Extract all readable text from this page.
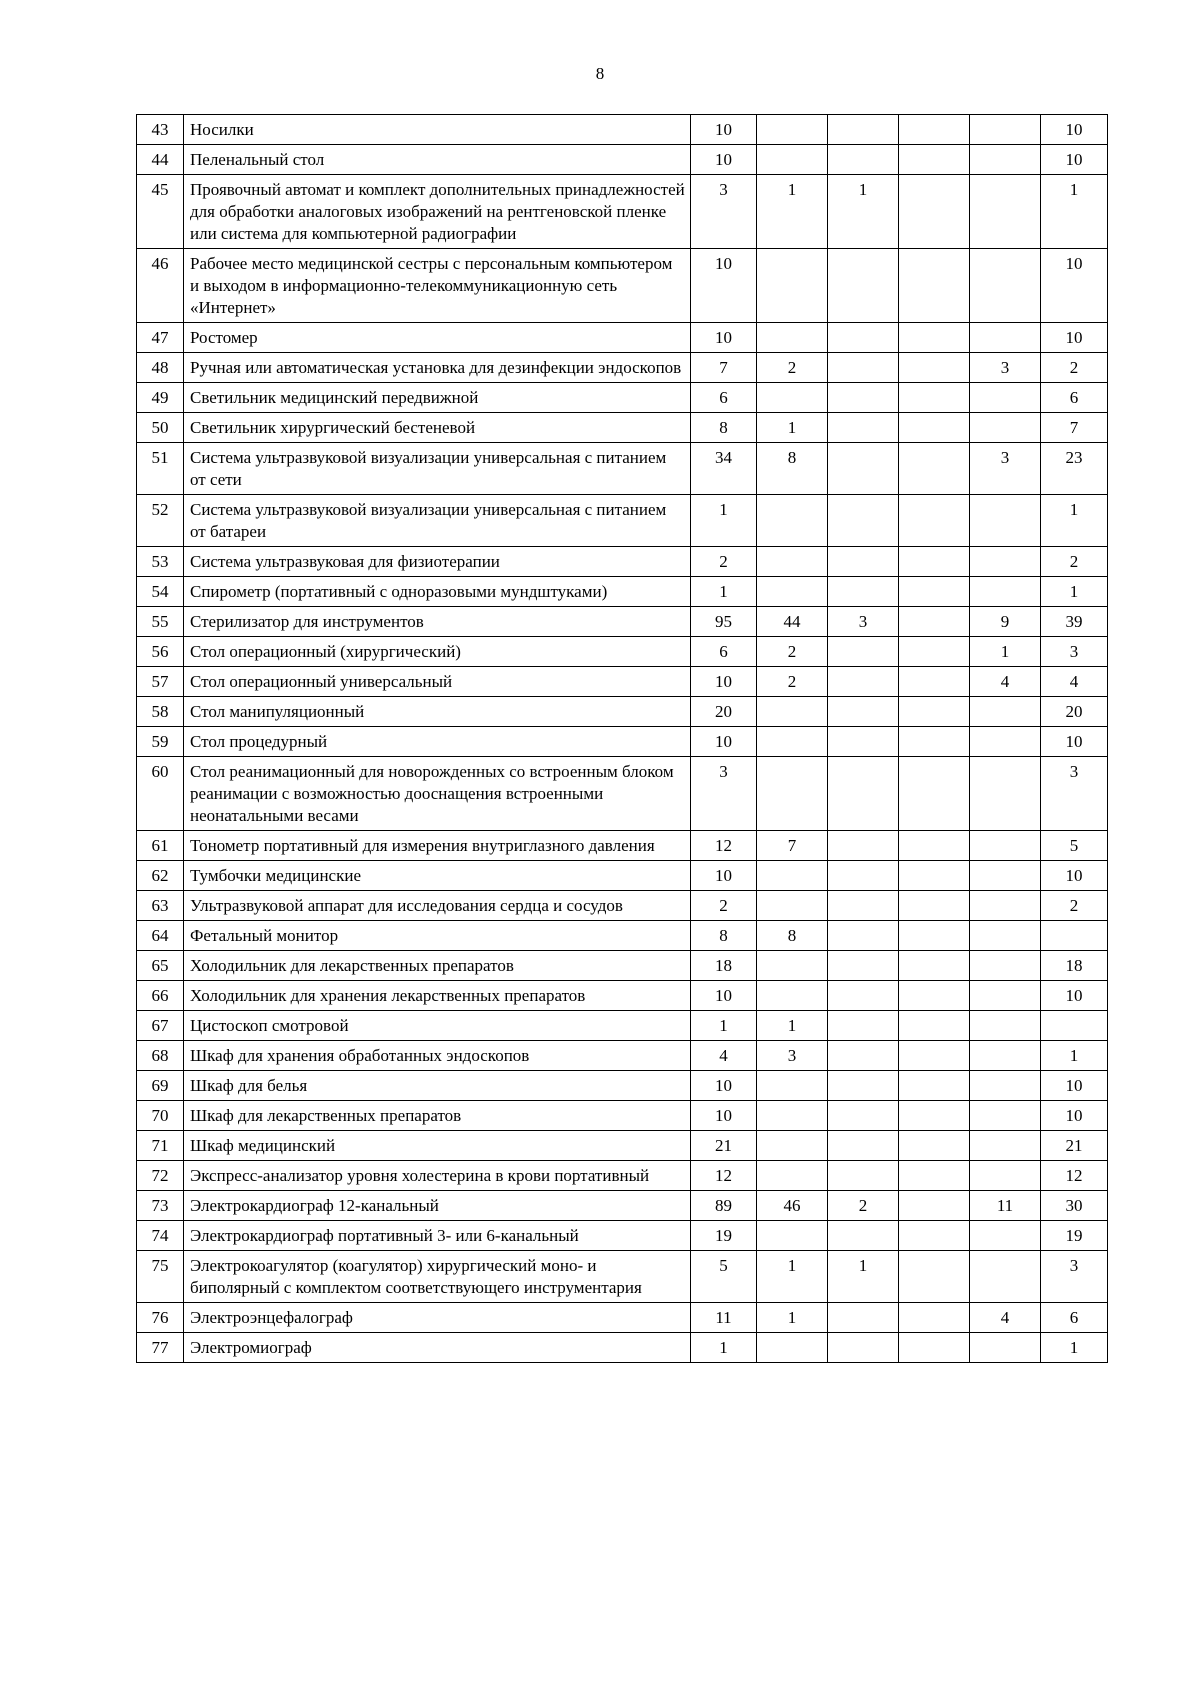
8
43	Носилки	10					10
44	Пеленальный стол	10					10
45	Проявочный автомат и комплект дополнительных принадлежностей для обработки аналоговых изображений на рентгеновской пленке или система для компьютерной радиографии	3	1	1			1
46	Рабочее место медицинской сестры с персональным компьютером и выходом в информационно-телекоммуникационную сеть «Интернет»	10					10
47	Ростомер	10					10
48	Ручная или автоматическая установка для дезинфекции эндоскопов	7	2			3	2
49	Светильник медицинский передвижной	6					6
50	Светильник хирургический бестеневой	8	1				7
51	Система ультразвуковой визуализации универсальная с питанием от сети	34	8			3	23
52	Система ультразвуковой визуализации универсальная с питанием от батареи	1					1
53	Система ультразвуковая для физиотерапии	2					2
54	Спирометр (портативный с одноразовыми мундштуками)	1					1
55	Стерилизатор для инструментов	95	44	3		9	39
56	Стол операционный (хирургический)	6	2			1	3
57	Стол операционный универсальный	10	2			4	4
58	Стол манипуляционный	20					20
59	Стол процедурный	10					10
60	Стол реанимационный для новорожденных со встроенным блоком реанимации с возможностью дооснащения встроенными неонатальными весами	3					3
61	Тонометр портативный для измерения внутриглазного давления	12	7				5
62	Тумбочки медицинские	10					10
63	Ультразвуковой аппарат для исследования сердца и сосудов	2					2
64	Фетальный монитор	8	8				
65	Холодильник для лекарственных препаратов	18					18
66	Холодильник для хранения лекарственных препаратов	10					10
67	Цистоскоп смотровой	1	1				
68	Шкаф для хранения обработанных эндоскопов	4	3				1
69	Шкаф для белья	10					10
70	Шкаф для лекарственных препаратов	10					10
71	Шкаф медицинский	21					21
72	Экспресс-анализатор уровня холестерина в крови портативный	12					12
73	Электрокардиограф 12-канальный	89	46	2		11	30
74	Электрокардиограф портативный 3- или 6-канальный	19					19
75	Электрокоагулятор (коагулятор) хирургический моно- и биполярный с комплектом соответствующего инструментария	5	1	1			3
76	Электроэнцефалограф	11	1			4	6
77	Электромиограф	1					1
